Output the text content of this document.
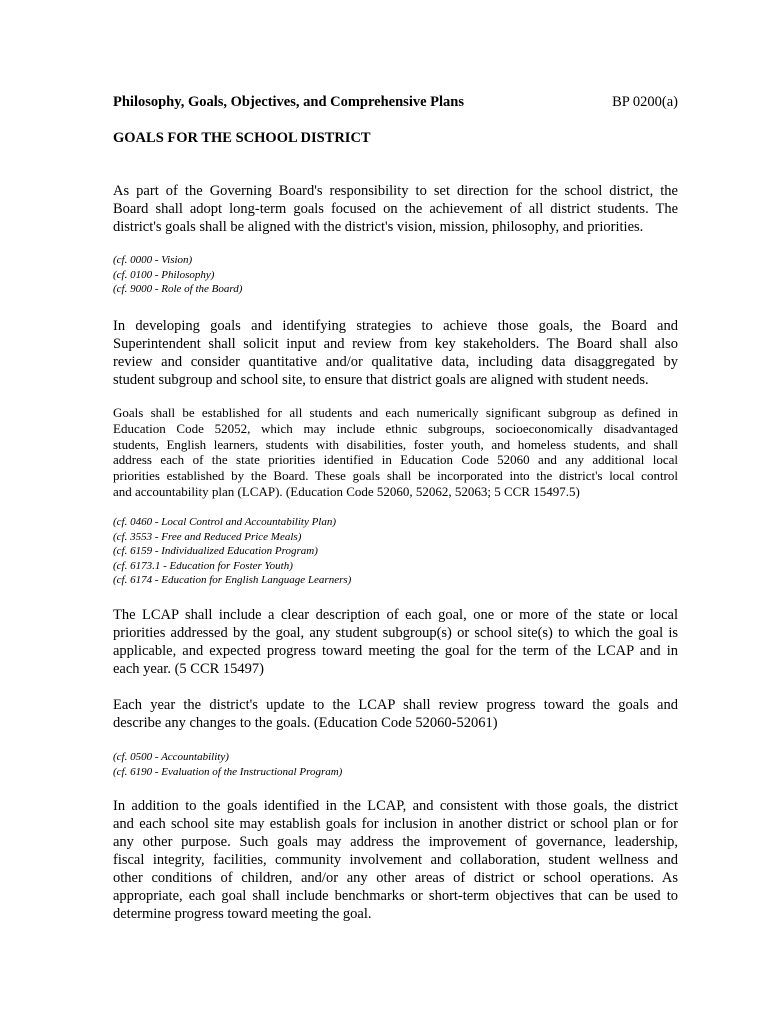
Philosophy, Goals, Objectives, and Comprehensive Plans	BP 0200(a)
GOALS FOR THE SCHOOL DISTRICT
As part of the Governing Board's responsibility to set direction for the school district, the
Board shall adopt long-term goals focused on the achievement of all district students. The
district's goals shall be aligned with the district's vision, mission, philosophy, and priorities.
(cf. 0000 - Vision)
(cf. 0100 - Philosophy)
(cf. 9000 - Role of the Board)
In developing goals and identifying strategies to achieve those goals, the Board and
Superintendent shall solicit input and review from key stakeholders. The Board shall also
review and consider quantitative and/or qualitative data, including data disaggregated by
student subgroup and school site, to ensure that district goals are aligned with student needs.
Goals shall be established for all students and each numerically significant subgroup as defined in
Education Code 52052, which may include ethnic subgroups, socioeconomically disadvantaged
students, English learners, students with disabilities, foster youth, and homeless students, and shall
address each of the state priorities identified in Education Code 52060 and any additional local
priorities established by the Board. These goals shall be incorporated into the district's local control
and accountability plan (LCAP). (Education Code 52060, 52062, 52063; 5 CCR 15497.5)
(cf. 0460 - Local Control and Accountability Plan)
(cf. 3553 - Free and Reduced Price Meals)
(cf. 6159 - Individualized Education Program)
(cf. 6173.1 - Education for Foster Youth)
(cf. 6174 - Education for English Language Learners)
The LCAP shall include a clear description of each goal, one or more of the state or local
priorities addressed by the goal, any student subgroup(s) or school site(s) to which the goal is
applicable, and expected progress toward meeting the goal for the term of the LCAP and in
each year. (5 CCR 15497)
Each year the district's update to the LCAP shall review progress toward the goals and
describe any changes to the goals. (Education Code 52060-52061)
(cf. 0500 - Accountability)
(cf. 6190 - Evaluation of the Instructional Program)
In addition to the goals identified in the LCAP, and consistent with those goals, the district
and each school site may establish goals for inclusion in another district or school plan or for
any other purpose. Such goals may address the improvement of governance, leadership,
fiscal integrity, facilities, community involvement and collaboration, student wellness and
other conditions of children, and/or any other areas of district or school operations. As
appropriate, each goal shall include benchmarks or short-term objectives that can be used to
determine progress toward meeting the goal.
